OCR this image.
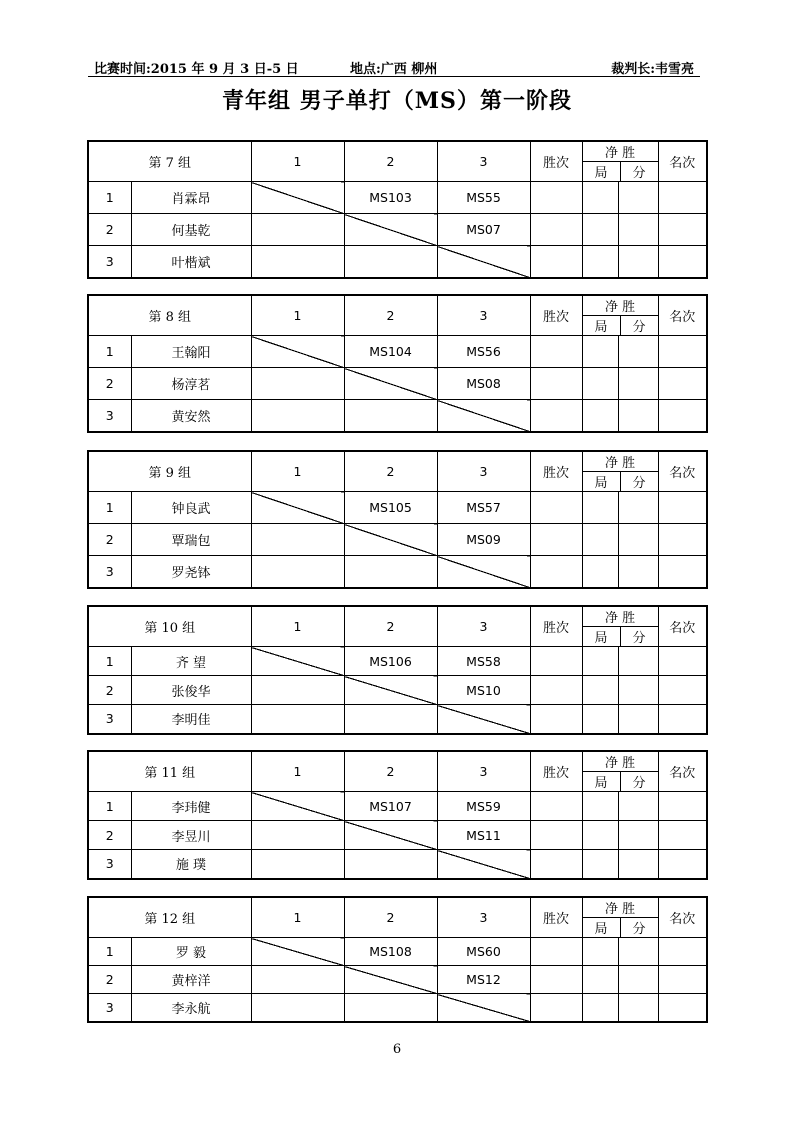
比赛时间:2015 年 9 月 3 日-5 日	地点:广西 柳州	裁判长:韦雪亮
青年组 男子单打（MS）第一阶段
第 7 组		1	2	3	胜次	净 胜
局 分		名次
1	肖霖昂		MS103	MS55				
2	何基乾			MS07				
3	叶楷斌							
第 8 组		1	2	3	胜次	净 胜
局 分		名次
1	王翰阳		MS104	MS56				
2	杨淳茗			MS08				
3	黄安然							
第 9 组		1	2	3	胜次	净 胜
局 分		名次
1	钟良武		MS105	MS57				
2	覃瑞包			MS09				
3	罗尧钵							
第 10 组		1	2	3	胜次	净 胜
局 分		名次
1	齐 望		MS106	MS58				
2	张俊华			MS10				
3	李明佳							
第 11 组		1	2	3	胜次	净 胜
局 分		名次
1	李玮健		MS107	MS59				
2	李昱川			MS11				
3	施 璞							
第 12 组		1	2	3	胜次	净 胜
局 分		名次
1	罗 毅		MS108	MS60				
2	黄梓洋			MS12				
3	李永航							
6
